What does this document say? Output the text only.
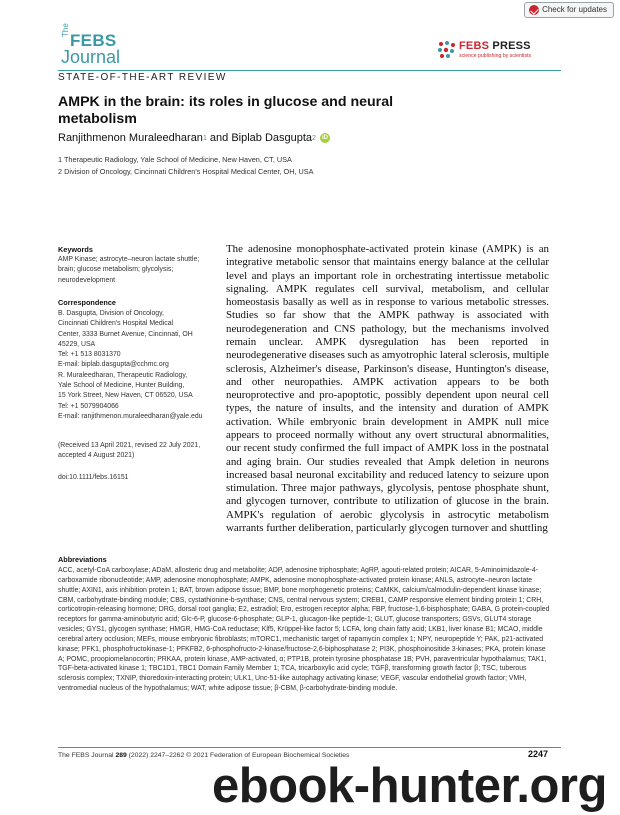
Check for updates
The
FEBS
Journal
FEBS PRESS
science publishing by scientists
STATE-OF-THE-ART REVIEW
AMPK in the brain: its roles in glucose and neural metabolism
Ranjithmenon Muraleedharan 1
and Biplab Dasgupta 2	iD
1 Therapeutic Radiology, Yale School of Medicine, New Haven, CT, USA
2 Division of Oncology, Cincinnati Children's Hospital Medical Center, OH, USA
Keywords
AMP Kinase; astrocyte–neuron lactate shuttle; brain; glucose metabolism; glycolysis; neurodevelopment
Correspondence
B. Dasgupta, Division of Oncology,
Cincinnati Children's Hospital Medical
Center, 3333 Burnet Avenue, Cincinnati, OH
45229, USA
Tel: +1 513 8031370
E-mail: biplab.dasgupta@cchmc.org
R. Muraleedharan, Therapeutic Radiology,
Yale School of Medicine, Hunter Building,
15 York Street, New Haven, CT 06520, USA
Tel: +1 5079904066
E-mail: ranjithmenon.muraleedharan@yale.edu
(Received 13 April 2021, revised 22 July 2021, accepted 4 August 2021)
doi:10.1111/febs.16151
The adenosine monophosphate-activated protein kinase (AMPK) is an integrative metabolic sensor that maintains energy balance at the cellular level and plays an important role in orchestrating intertissue metabolic signaling. AMPK regulates cell survival, metabolism, and cellular homeostasis basally as well as in response to various metabolic stresses. Studies so far show that the AMPK pathway is associated with neurodegeneration and CNS pathology, but the mechanisms involved remain unclear. AMPK dysregulation has been reported in neurodegenerative diseases such as amyotrophic lateral sclerosis, multiple sclerosis, Alzheimer's disease, Parkinson's disease, Huntington's disease, and other neuropathies. AMPK activation appears to be both neuroprotective and pro-apoptotic, possibly dependent upon neural cell types, the nature of insults, and the intensity and duration of AMPK activation. While embryonic brain development in AMPK null mice appears to proceed normally without any overt structural abnormalities, our recent study confirmed the full impact of AMPK loss in the postnatal and aging brain. Our studies revealed that Ampk deletion in neurons increased basal neuronal excitability and reduced latency to seizure upon stimulation. Three major pathways, glycolysis, pentose phosphate shunt, and glycogen turnover, contribute to utilization of glucose in the brain. AMPK's regulation of aerobic glycolysis in astrocytic metabolism warrants further deliberation, particularly glycogen turnover and shuttling
Abbreviations
ACC, acetyl-CoA carboxylase; ADaM, allosteric drug and metabolite; ADP, adenosine triphosphate; AgRP, agouti-related protein; AICAR, 5-Aminoimidazole-4-carboxamide ribonucleotide; AMP, adenosine monophosphate; AMPK, adenosine monophosphate-activated protein kinase; ANLS, astrocyte–neuron lactate shuttle; AXIN1, axis inhibition protein 1; BAT, brown adipose tissue; BMP, bone morphogenetic proteins; CaMKK, calcium/calmodulin-dependent kinase kinase; CBM, carbohydrate-binding module; CBS, cystathionine-b-synthase; CNS, central nervous system; CREB1, CAMP responsive element binding protein 1; CRH, corticotropin-releasing hormone; DRG, dorsal root ganglia; E2, estradiol; Erα, estrogen receptor alpha; FBP, fructose-1,6-bisphosphate; GABA, G protein-coupled receptors for gamma-aminobutyric acid; Glc-6-P, glucose-6-phosphate; GLP-1, glucagon-like peptide-1; GLUT, glucose transporters; GSVs, GLUT4 storage vesicles; GYS1, glycogen synthase; HMGR, HMG-CoA reductase; Klf5, Krüppel-like factor 5; LCFA, long chain fatty acid; LKB1, liver kinase B1; MCAO, middle cerebral artery occlusion; MEFs, mouse embryonic fibroblasts; mTORC1, mechanistic target of rapamycin complex 1; NPY, neuropeptide Y; PAK, p21-activated kinase; PFK1, phosphofructokinase-1; PFKFB2, 6-phosphofructo-2-kinase/fructose-2,6-biphosphatase 2; PI3K, phosphoinositide 3-kinases; PKA, protein kinase A; POMC, proopiomelanocortin; PRKAA, protein kinase, AMP-activated, α; PTP1B, protein tyrosine phosphatase 1B; PVH, paraventricular hypothalamus; TAK1, TGF-beta-activated kinase 1; TBC1D1, TBC1 Domain Family Member 1; TCA, tricarboxylic acid cycle; TGFβ, transforming growth factor β; TSC, tuberous sclerosis complex; TXNIP, thioredoxin-interacting protein; ULK1, Unc-51-like autophagy activating kinase; VEGF, vascular endothelial growth factor; VMH, ventromedial nucleus of the hypothalamus; WAT, white adipose tissue; β-CBM, β-carbohydrate-binding module.
The FEBS Journal 289 (2022) 2247–2262 © 2021 Federation of European Biochemical Societies	2247
ebook-hunter.org
